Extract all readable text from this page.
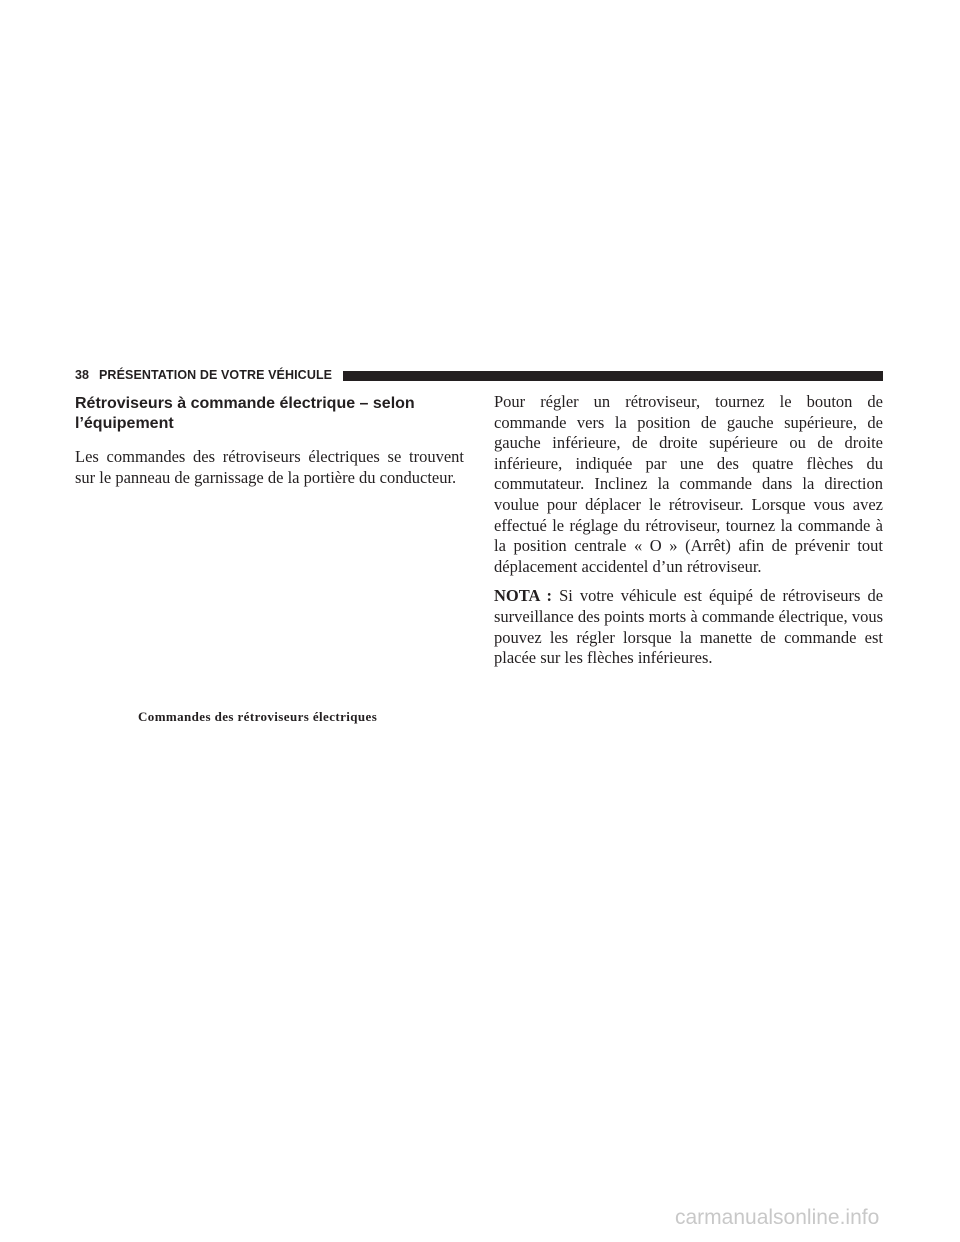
38 PRÉSENTATION DE VOTRE VÉHICULE
Rétroviseurs à commande électrique – selon l’équipement

Les commandes des rétroviseurs électriques se trouvent sur le panneau de garnissage de la portière du conducteur.

Commandes des rétroviseurs électriques

Pour régler un rétroviseur, tournez le bouton de commande vers la position de gauche supérieure, de gauche inférieure, de droite supérieure ou de droite inférieure, indiquée par une des quatre flèches du commutateur. Inclinez la commande dans la direction voulue pour déplacer le rétroviseur. Lorsque vous avez effectué le réglage du rétroviseur, tournez la commande à la position centrale « O » (Arrêt) afin de prévenir tout déplacement accidentel d’un rétroviseur.

NOTA : Si votre véhicule est équipé de rétroviseurs de surveillance des points morts à commande électrique, vous pouvez les régler lorsque la manette de commande est placée sur les flèches inférieures.

carmanualsonline.info
